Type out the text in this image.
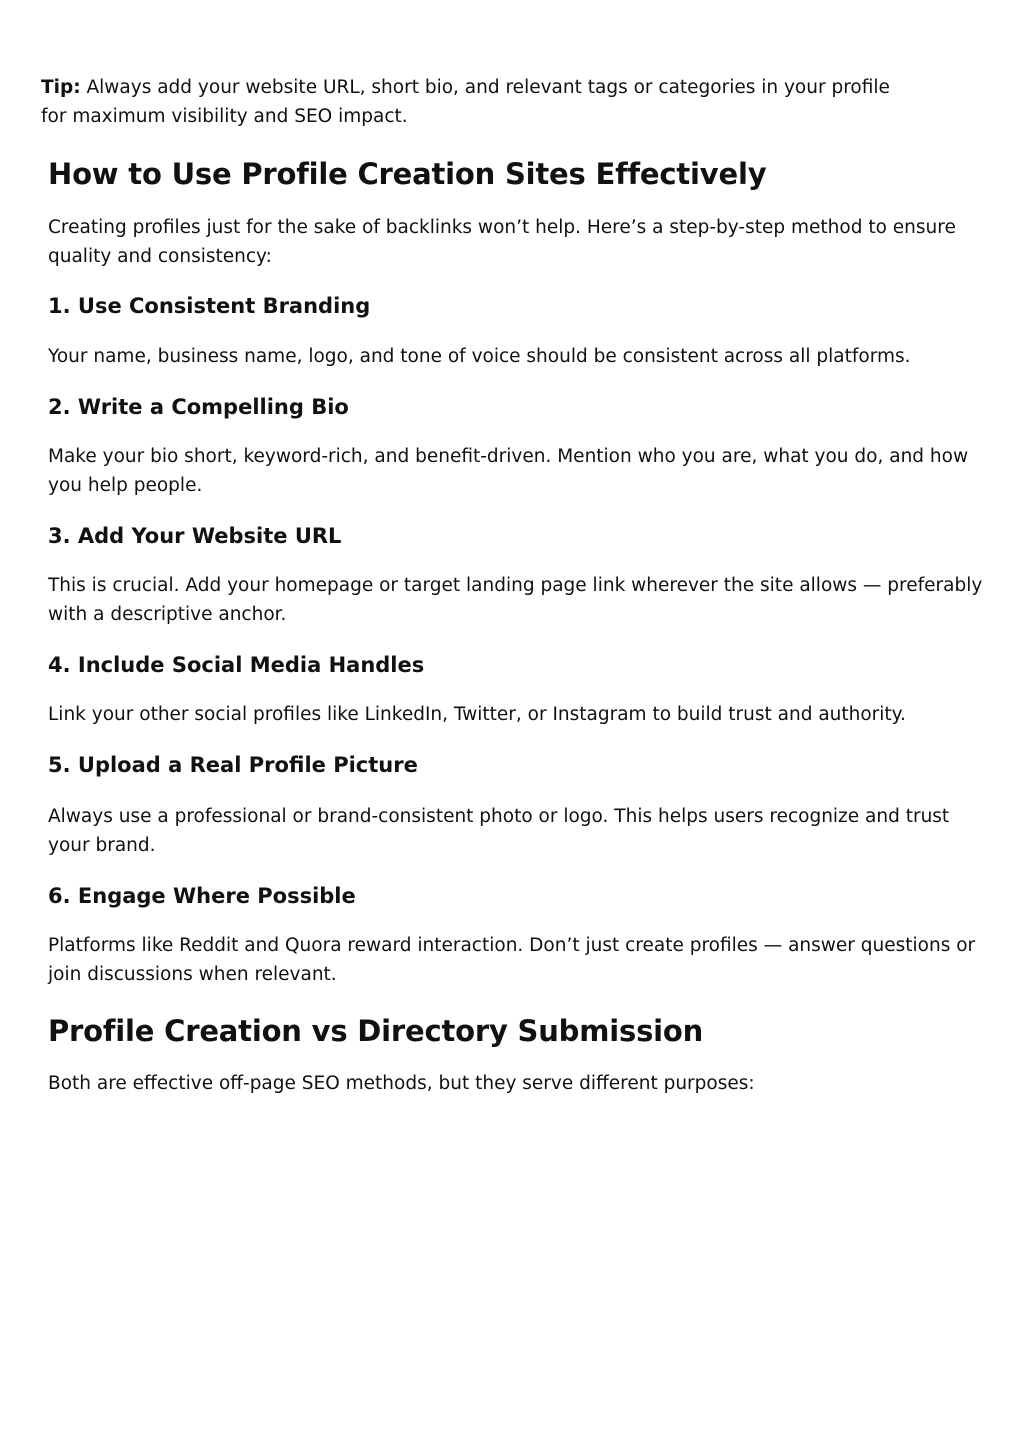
Tip: Always add your website URL, short bio, and relevant tags or categories in your profile for maximum visibility and SEO impact.

How to Use Profile Creation Sites Effectively

Creating profiles just for the sake of backlinks won’t help. Here’s a step-by-step method to ensure quality and consistency:

1. Use Consistent Branding

Your name, business name, logo, and tone of voice should be consistent across all platforms.

2. Write a Compelling Bio

Make your bio short, keyword-rich, and benefit-driven. Mention who you are, what you do, and how you help people.

3. Add Your Website URL

This is crucial. Add your homepage or target landing page link wherever the site allows — preferably with a descriptive anchor.

4. Include Social Media Handles

Link your other social profiles like LinkedIn, Twitter, or Instagram to build trust and authority.

5. Upload a Real Profile Picture

Always use a professional or brand-consistent photo or logo. This helps users recognize and trust your brand.

6. Engage Where Possible

Platforms like Reddit and Quora reward interaction. Don’t just create profiles — answer questions or join discussions when relevant.

Profile Creation vs Directory Submission

Both are effective off-page SEO methods, but they serve different purposes:
